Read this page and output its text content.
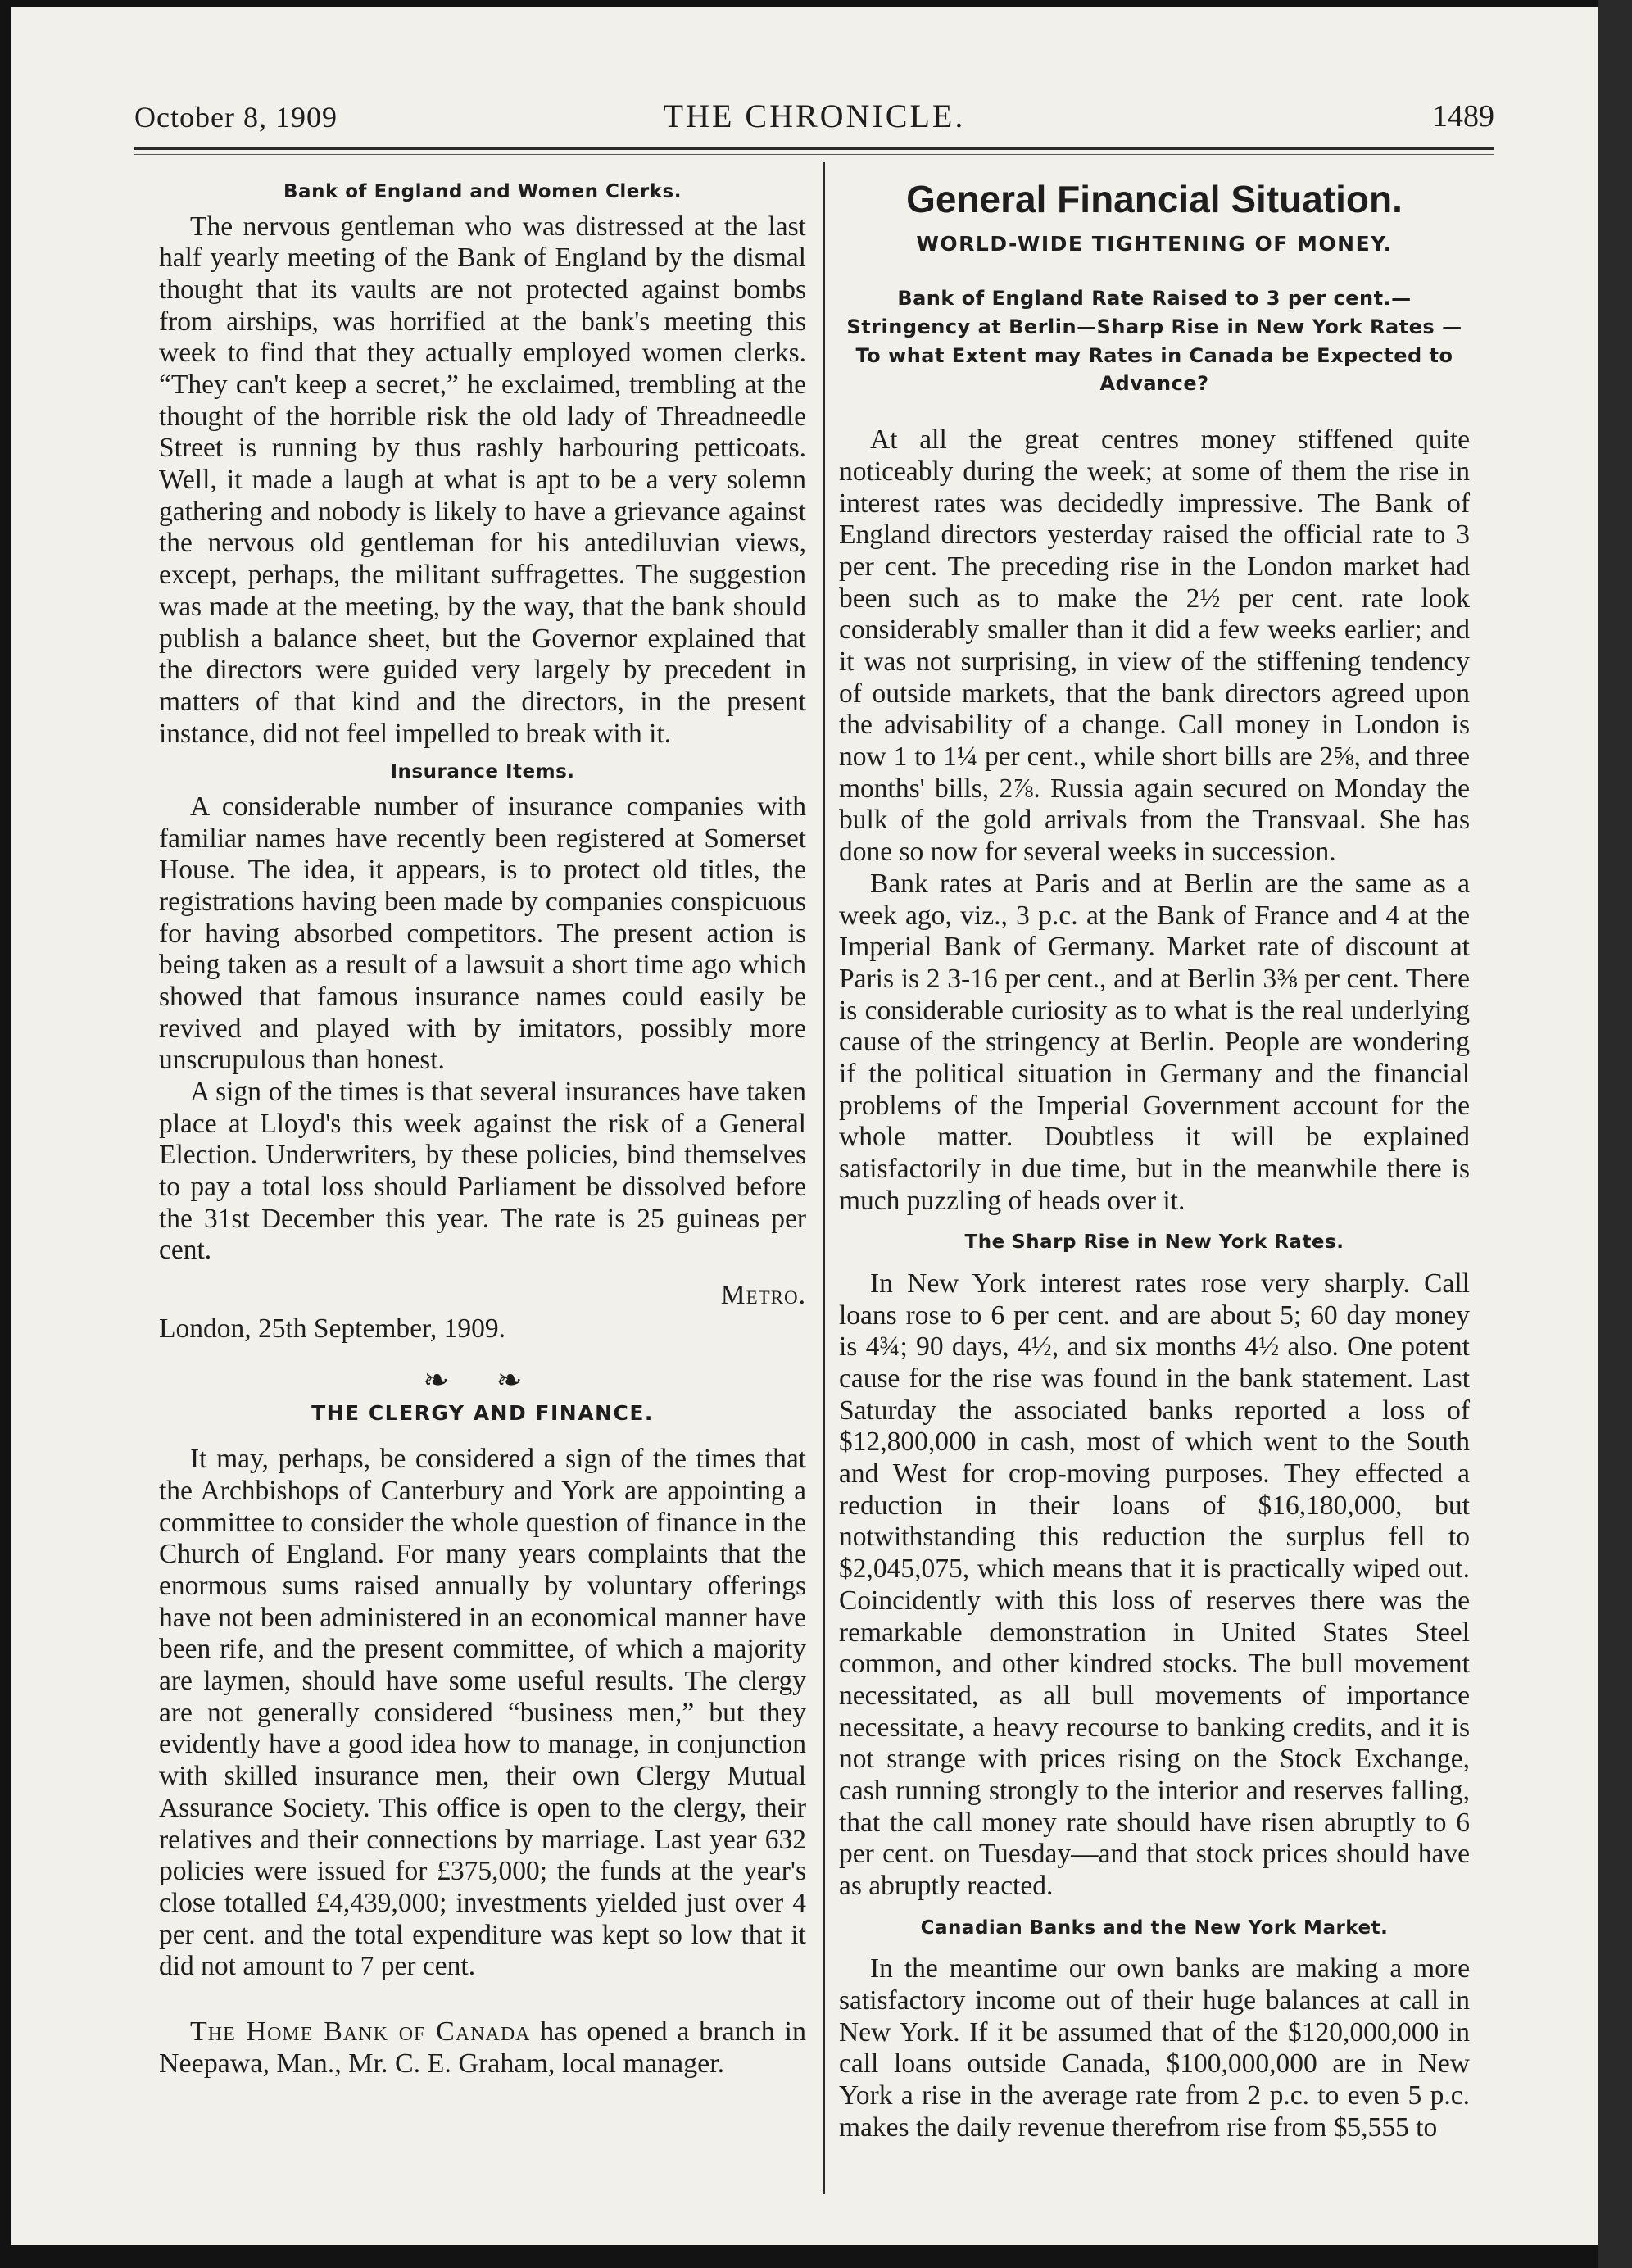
October 8, 1909	THE CHRONICLE.	1489
Bank of England and Women Clerks.

The nervous gentleman who was distressed at the last half yearly meeting of the Bank of England by the dismal thought that its vaults are not protected against bombs from airships, was horrified at the bank's meeting this week to find that they actually employed women clerks. “They can't keep a secret,” he exclaimed, trembling at the thought of the horrible risk the old lady of Threadneedle Street is running by thus rashly harbouring petticoats. Well, it made a laugh at what is apt to be a very solemn gathering and nobody is likely to have a grievance against the nervous old gentleman for his antediluvian views, except, perhaps, the militant suffragettes. The suggestion was made at the meeting, by the way, that the bank should publish a balance sheet, but the Governor explained that the directors were guided very largely by precedent in matters of that kind and the directors, in the present instance, did not feel impelled to break with it.

Insurance Items.

A considerable number of insurance companies with familiar names have recently been registered at Somerset House. The idea, it appears, is to protect old titles, the registrations having been made by companies conspicuous for having absorbed competitors. The present action is being taken as a result of a lawsuit a short time ago which showed that famous insurance names could easily be revived and played with by imitators, possibly more unscrupulous than honest.

A sign of the times is that several insurances have taken place at Lloyd's this week against the risk of a General Election. Underwriters, by these policies, bind themselves to pay a total loss should Parliament be dissolved before the 31st December this year. The rate is 25 guineas per cent.

Metro.

London, 25th September, 1909.

❧ ❧
THE CLERGY AND FINANCE.

It may, perhaps, be considered a sign of the times that the Archbishops of Canterbury and York are appointing a committee to consider the whole question of finance in the Church of England. For many years complaints that the enormous sums raised annually by voluntary offerings have not been administered in an economical manner have been rife, and the present committee, of which a majority are laymen, should have some useful results. The clergy are not generally considered “business men,” but they evidently have a good idea how to manage, in conjunction with skilled insurance men, their own Clergy Mutual Assurance Society. This office is open to the clergy, their relatives and their connections by marriage. Last year 632 policies were issued for £375,000; the funds at the year's close totalled £4,439,000; investments yielded just over 4 per cent. and the total expenditure was kept so low that it did not amount to 7 per cent.

The Home Bank of Canada has opened a branch in Neepawa, Man., Mr. C. E. Graham, local manager.

General Financial Situation.
WORLD-WIDE TIGHTENING OF MONEY.
Bank of England Rate Raised to 3 per cent.—Stringency at Berlin—Sharp Rise in New York Rates —To what Extent may Rates in Canada be Expected to Advance?

At all the great centres money stiffened quite noticeably during the week; at some of them the rise in interest rates was decidedly impressive. The Bank of England directors yesterday raised the official rate to 3 per cent. The preceding rise in the London market had been such as to make the 2½ per cent. rate look considerably smaller than it did a few weeks earlier; and it was not surprising, in view of the stiffening tendency of outside markets, that the bank directors agreed upon the advisability of a change. Call money in London is now 1 to 1¼ per cent., while short bills are 2⅝, and three months' bills, 2⅞. Russia again secured on Monday the bulk of the gold arrivals from the Transvaal. She has done so now for several weeks in succession.

Bank rates at Paris and at Berlin are the same as a week ago, viz., 3 p.c. at the Bank of France and 4 at the Imperial Bank of Germany. Market rate of discount at Paris is 2 3-16 per cent., and at Berlin 3⅜ per cent. There is considerable curiosity as to what is the real underlying cause of the stringency at Berlin. People are wondering if the political situation in Germany and the financial problems of the Imperial Government account for the whole matter. Doubtless it will be explained satisfactorily in due time, but in the meanwhile there is much puzzling of heads over it.

The Sharp Rise in New York Rates.

In New York interest rates rose very sharply. Call loans rose to 6 per cent. and are about 5; 60 day money is 4¾; 90 days, 4½, and six months 4½ also. One potent cause for the rise was found in the bank statement. Last Saturday the associated banks reported a loss of $12,800,000 in cash, most of which went to the South and West for crop-moving purposes. They effected a reduction in their loans of $16,180,000, but notwithstanding this reduction the surplus fell to $2,045,075, which means that it is practically wiped out. Coincidently with this loss of reserves there was the remarkable demonstration in United States Steel common, and other kindred stocks. The bull movement necessitated, as all bull movements of importance necessitate, a heavy recourse to banking credits, and it is not strange with prices rising on the Stock Exchange, cash running strongly to the interior and reserves falling, that the call money rate should have risen abruptly to 6 per cent. on Tuesday—and that stock prices should have as abruptly reacted.

Canadian Banks and the New York Market.

In the meantime our own banks are making a more satisfactory income out of their huge balances at call in New York. If it be assumed that of the $120,000,000 in call loans outside Canada, $100,000,000 are in New York a rise in the average rate from 2 p.c. to even 5 p.c. makes the daily revenue therefrom rise from $5,555 to
